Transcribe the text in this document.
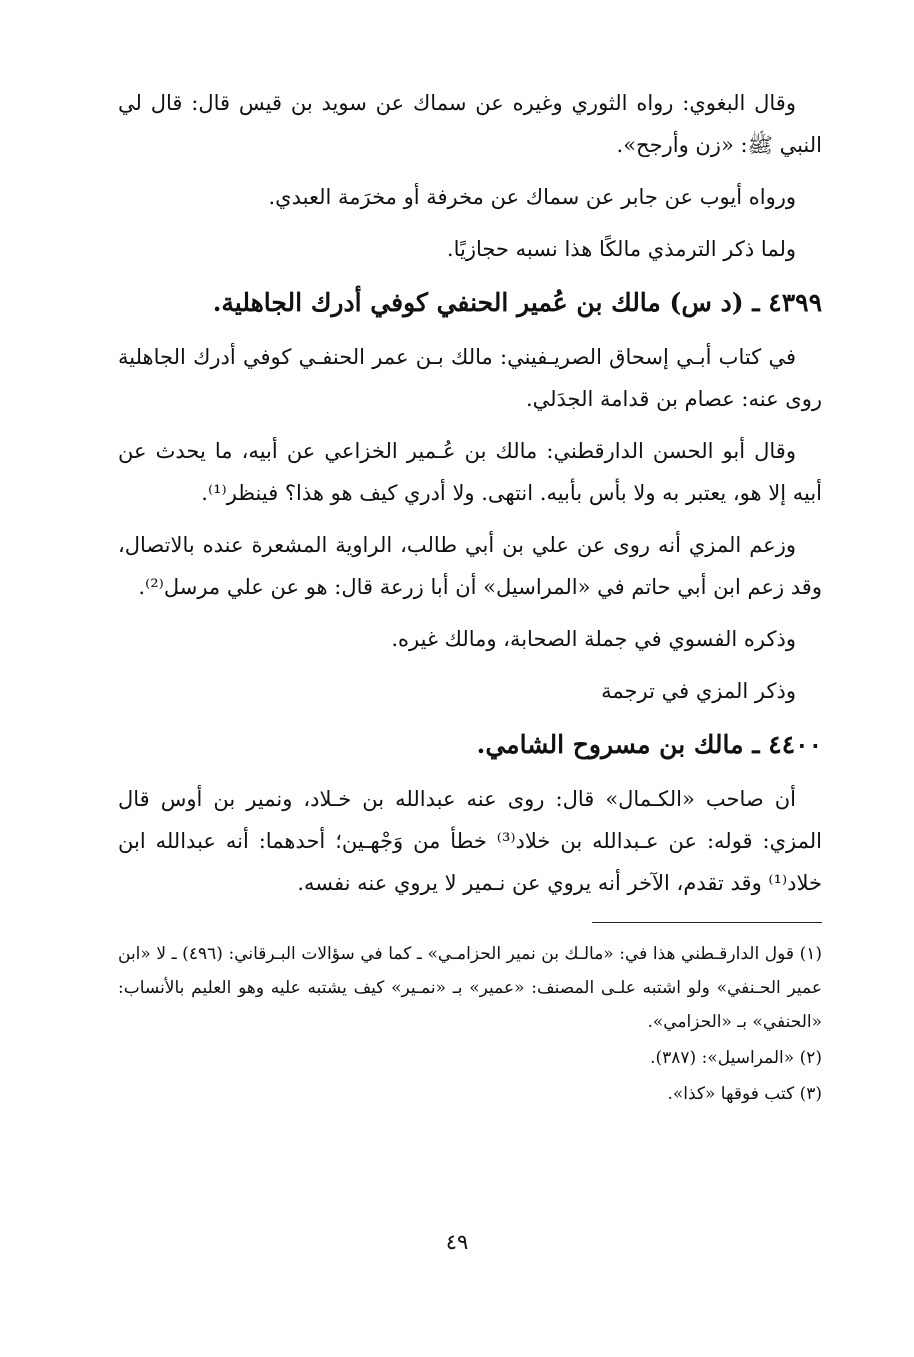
وقال البغوي: رواه الثوري وغيره عن سماك عن سويد بن قيس قال: قال لي النبي ﷺ: «زن وأرجح».

ورواه أيوب عن جابر عن سماك عن مخرفة أو مخرَمة العبدي.

ولما ذكر الترمذي مالكًا هذا نسبه حجازيًا.

٤٣٩٩ ـ (د س) مالك بن عُمير الحنفي كوفي أدرك الجاهلية.

في كتاب أبـي إسحاق الصريـفيني: مالك بـن عمر الحنفـي كوفي أدرك الجاهلية روى عنه: عصام بن قدامة الجدَلي.

وقال أبو الحسن الدارقطني: مالك بن عُـمير الخزاعي عن أبيه، ما يحدث عن أبيه إلا هو، يعتبر به ولا بأس بأبيه. انتهى. ولا أدري كيف هو هذا؟ فينظر⁽¹⁾.

وزعم المزي أنه روى عن علي بن أبي طالب، الراوية المشعرة عنده بالاتصال، وقد زعم ابن أبي حاتم في «المراسيل» أن أبا زرعة قال: هو عن علي مرسل⁽²⁾.

وذكره الفسوي في جملة الصحابة، ومالك غيره.

وذكر المزي في ترجمة

٤٤٠٠ ـ مالك بن مسروح الشامي.

أن صاحب «الكـمال» قال: روى عنه عبدالله بن خـلاد، ونمير بن أوس قال المزي: قوله: عن عـبدالله بن خلاد⁽³⁾ خطأ من وَجْهـين؛ أحدهما: أنه عبدالله ابن خلاد⁽¹⁾ وقد تقدم، الآخر أنه يروي عن نـمير لا يروي عنه نفسه.

(١) قول الدارقـطني هذا في: «مالـك بن نمير الحزامـي» ـ كما في سؤالات البـرقاني: (٤٩٦) ـ لا «ابن عمير الحـنفي» ولو اشتبه علـى المصنف: «عمير» بـ «نمـير» كيف يشتبه عليه وهو العليم بالأنساب: «الحنفي» بـ «الحزامي».

(٢) «المراسيل»: (٣٨٧).

(٣) كتب فوقها «كذا».

٤٩
